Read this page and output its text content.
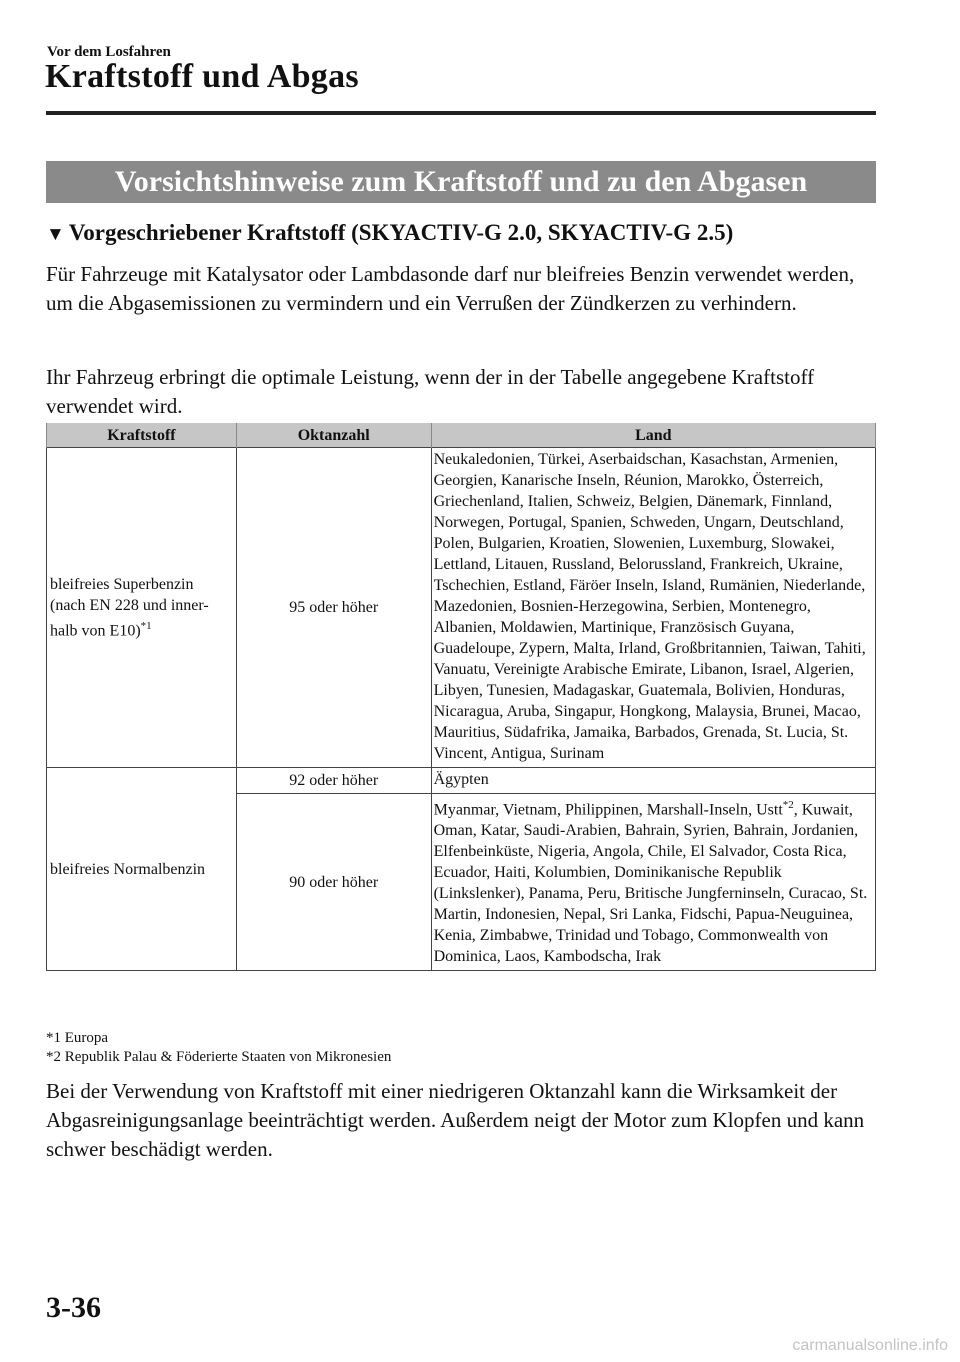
Vor dem Losfahren
Kraftstoff und Abgas
Vorsichtshinweise zum Kraftstoff und zu den Abgasen
▼ Vorgeschriebener Kraftstoff (SKYACTIV-G 2.0, SKYACTIV-G 2.5)

Für Fahrzeuge mit Katalysator oder Lambdasonde darf nur bleifreies Benzin verwendet werden, um die Abgasemissionen zu vermindern und ein Verrußen der Zündkerzen zu verhindern.

Ihr Fahrzeug erbringt die optimale Leistung, wenn der in der Tabelle angegebene Kraftstoff verwendet wird.

Kraftstoff	Oktanzahl	Land
bleifreies Superbenzin (nach EN 228 und inner-halb von E10)$^{*1}$	95 oder höher	Neukaledonien, Türkei, Aserbaidschan, Kasachstan, Armenien, Georgien, Kanarische Inseln, Réunion, Marokko, Österreich, Griechenland, Italien, Schweiz, Belgien, Dänemark, Finnland, Norwegen, Portugal, Spanien, Schweden, Ungarn, Deutschland, Polen, Bulgarien, Kroatien, Slowenien, Luxemburg, Slowakei, Lettland, Litauen, Russland, Belorussland, Frankreich, Ukraine, Tschechien, Estland, Färöer Inseln, Island, Rumänien, Niederlande, Mazedonien, Bosnien-Herzegowina, Serbien, Montenegro, Albanien, Moldawien, Martinique, Französisch Guyana, Guadeloupe, Zypern, Malta, Irland, Großbritannien, Taiwan, Tahiti, Vanuatu, Vereinigte Arabische Emirate, Libanon, Israel, Algerien, Libyen, Tunesien, Madagaskar, Guatemala, Bolivien, Honduras, Nicaragua, Aruba, Singapur, Hongkong, Malaysia, Brunei, Macao, Mauritius, Südafrika, Jamaika, Barbados, Grenada, St. Lucia, St. Vincent, Antigua, Surinam
bleifreies Normalbenzin	92 oder höher	Ägypten
	90 oder höher	Myanmar, Vietnam, Philippinen, Marshall-Inseln, Ustt$^{*2}$, Kuwait, Oman, Katar, Saudi-Arabien, Bahrain, Syrien, Bahrain, Jordanien, Elfenbeinküste, Nigeria, Angola, Chile, El Salvador, Costa Rica, Ecuador, Haiti, Kolumbien, Dominikanische Republik (Linkslenker), Panama, Peru, Britische Jungferninseln, Curacao, St. Martin, Indonesien, Nepal, Sri Lanka, Fidschi, Papua-Neuguinea, Kenia, Zimbabwe, Trinidad und Tobago, Commonwealth von Dominica, Laos, Kambodscha, Irak
*1 Europa
*2 Republik Palau & Föderierte Staaten von Mikronesien

Bei der Verwendung von Kraftstoff mit einer niedrigeren Oktanzahl kann die Wirksamkeit der Abgasreinigungsanlage beeinträchtigt werden. Außerdem neigt der Motor zum Klopfen und kann schwer beschädigt werden.

3-36
carmanualsonline.info
